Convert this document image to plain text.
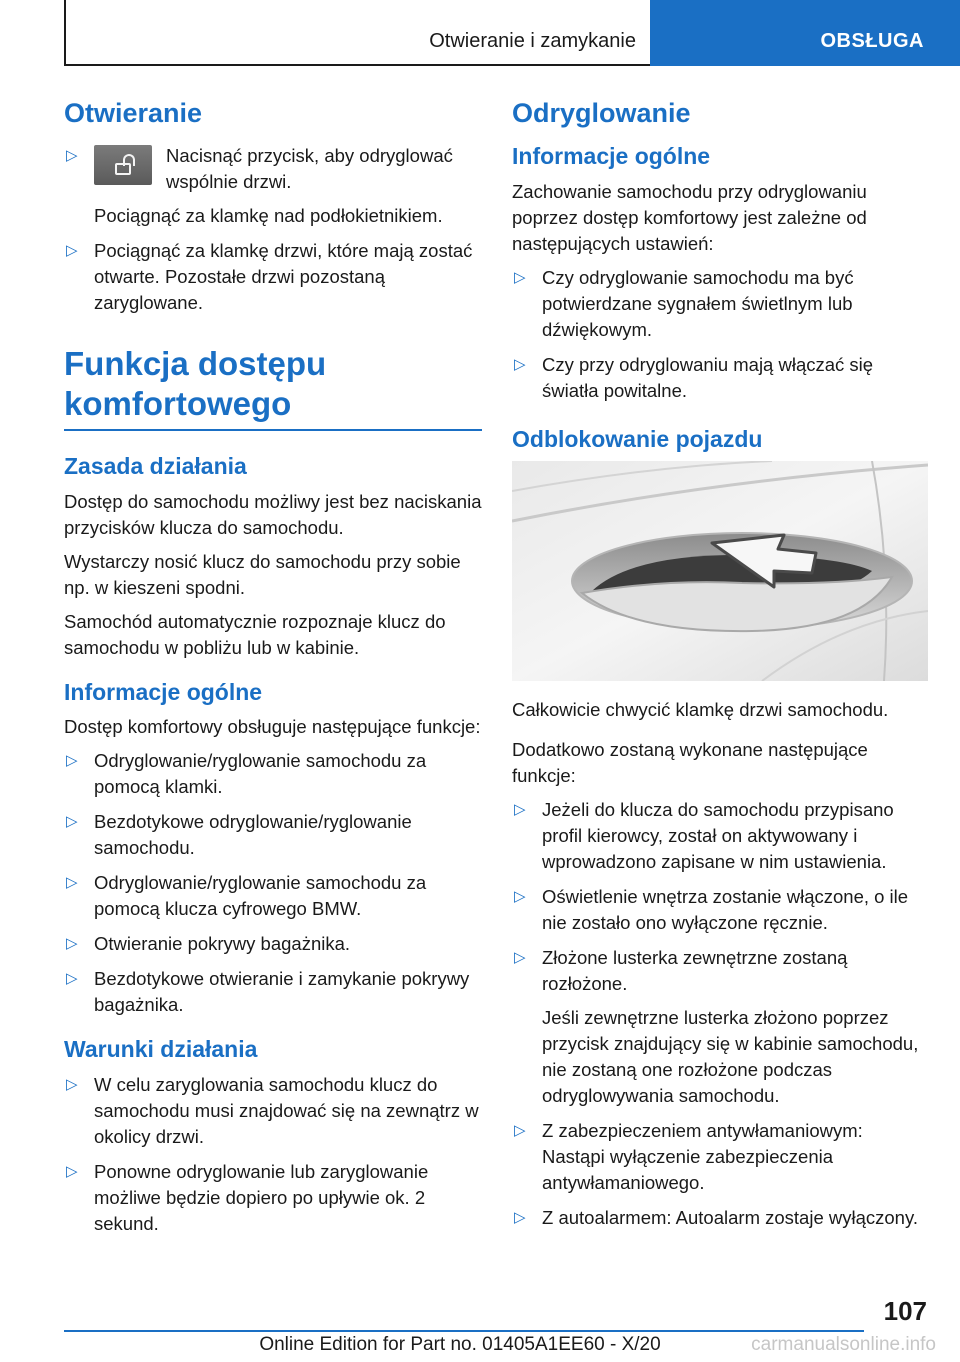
Otwieranie i zamykanie	OBSŁUGA
Otwieranie
▷	Nacisnąć przycisk, aby odryglować wspólnie drzwi.
Pociągnąć za klamkę nad podłokietnikiem.
▷ Pociągnąć za klamkę drzwi, które mają zostać otwarte. Pozostałe drzwi pozostaną zaryglowane.
Funkcja dostępu komfortowego
Zasada działania

Dostęp do samochodu możliwy jest bez naciskania przycisków klucza do samochodu.

Wystarczy nosić klucz do samochodu przy sobie np. w kieszeni spodni.

Samochód automatycznie rozpoznaje klucz do samochodu w pobliżu lub w kabinie.

Informacje ogólne

Dostęp komfortowy obsługuje następujące funkcje:

▷ Odryglowanie/ryglowanie samochodu za pomocą klamki.
▷ Bezdotykowe odryglowanie/ryglowanie samochodu.
▷ Odryglowanie/ryglowanie samochodu za pomocą klucza cyfrowego BMW.
▷ Otwieranie pokrywy bagażnika.
▷ Bezdotykowe otwieranie i zamykanie pokrywy bagażnika.
Warunki działania
▷ W celu zaryglowania samochodu klucz do samochodu musi znajdować się na zewnątrz w okolicy drzwi.
▷ Ponowne odryglowanie lub zaryglowanie możliwe będzie dopiero po upływie ok. 2 sekund.
Odryglowanie
Informacje ogólne

Zachowanie samochodu przy odryglowaniu poprzez dostęp komfortowy jest zależne od następujących ustawień:

▷ Czy odryglowanie samochodu ma być potwierdzane sygnałem świetlnym lub dźwiękowym.
▷ Czy przy odryglowaniu mają włączać się światła powitalne.
Odblokowanie pojazdu

Całkowicie chwycić klamkę drzwi samochodu.

Dodatkowo zostaną wykonane następujące funkcje:

▷ Jeżeli do klucza do samochodu przypisano profil kierowcy, został on aktywowany i wprowadzono zapisane w nim ustawienia.
▷ Oświetlenie wnętrza zostanie włączone, o ile nie zostało ono wyłączone ręcznie.
▷ Złożone lusterka zewnętrzne zostaną rozłożone.
Jeśli zewnętrzne lusterka złożono poprzez przycisk znajdujący się w kabinie samochodu, nie zostaną one rozłożone podczas odryglowywania samochodu.
▷ Z zabezpieczeniem antywłamaniowym: Nastąpi wyłączenie zabezpieczenia antywłamaniowego.
▷ Z autoalarmem: Autoalarm zostaje wyłączony.
107
Online Edition for Part no. 01405A1EE60 - X/20	carmanualsonline.info
